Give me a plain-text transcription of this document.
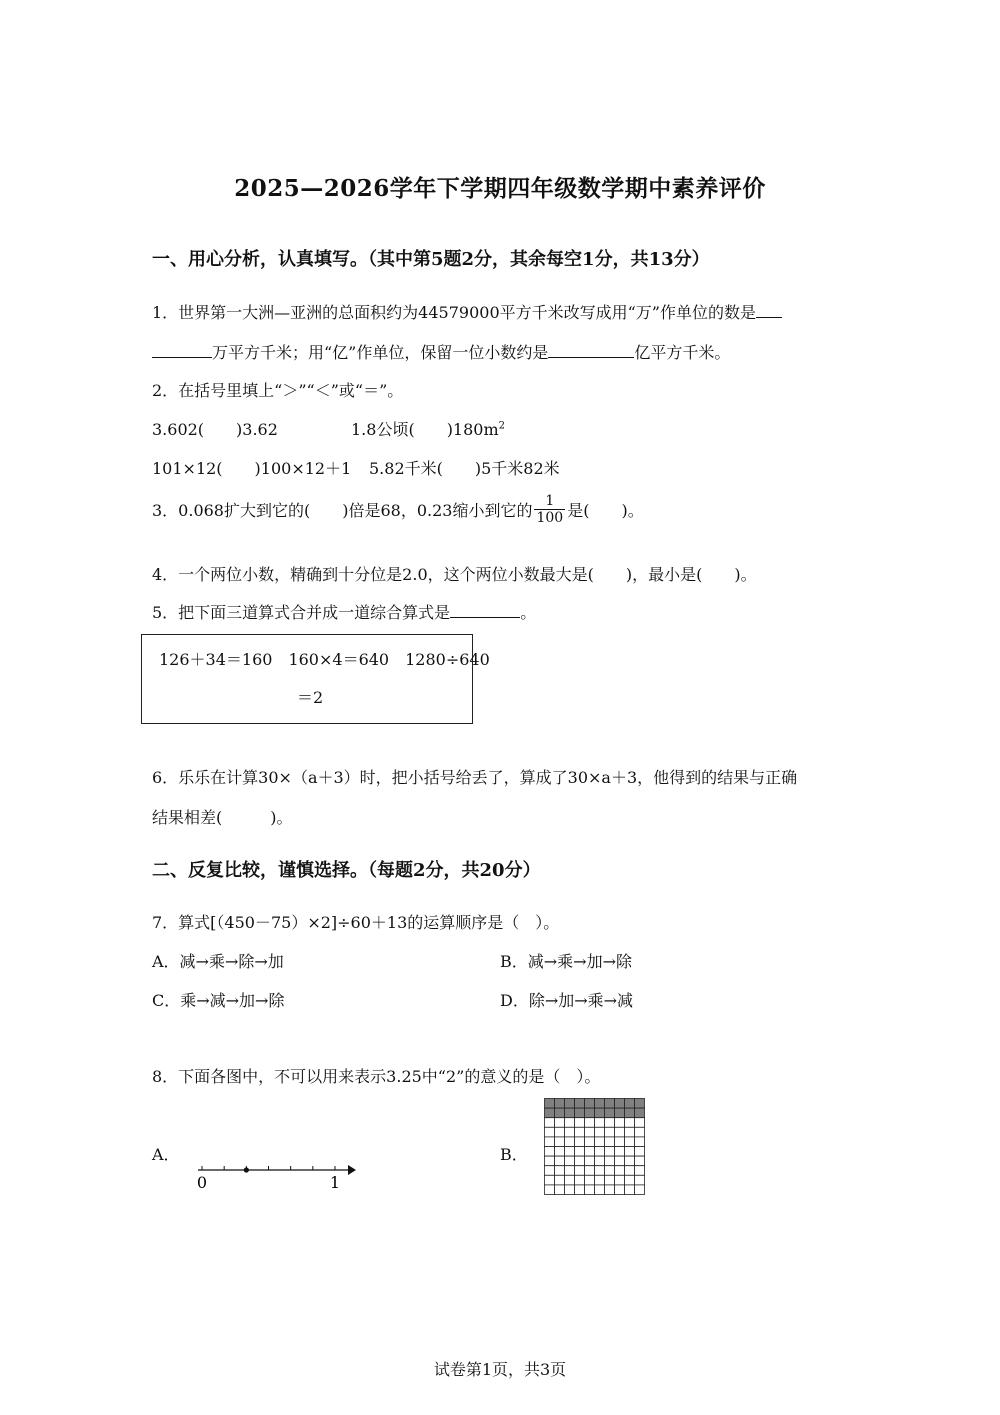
2025—2026学年下学期四年级数学期中素养评价
一、用心分析，认真填写。（其中第5题2分，其余每空1分，共13分）
1．世界第一大洲—亚洲的总面积约为44579000平方千米改写成用“万”作单位的数是
万平方千米；用“亿”作单位，保留一位小数约是	亿平方千米。
2．在括号里填上“＞”“＜”或“＝”。
3.602(　　)3.62	1.8公顷(　　)$180m^2$
101×12(　　)100×12＋1 5.82千米(　　)5千米82米
3．0.068扩大到它的(　　)倍是68，0.23缩小到它的 $\frac{1}{100}$ 是(　　)。
4．一个两位小数，精确到十分位是2.0，这个两位小数最大是(　　)，最小是(　　)。
5．把下面三道算式合并成一道综合算式是	。
126＋34＝160　160×4＝640　1280÷640
＝2
6．乐乐在计算30×（a＋3）时，把小括号给丢了，算成了30×a＋3，他得到的结果与正确
结果相差(　　　)。
二、反复比较，谨慎选择。（每题2分，共20分）
7．算式[（450－75）×2]÷60＋13的运算顺序是（　）。
A．减→乘→除→加	B．减→乘→加→除
C．乘→减→加→除	D．除→加→乘→减
8．下面各图中，不可以用来表示3.25中“2”的意义的是（　）。
A．	B．
0	1
试卷第1页，共3页
